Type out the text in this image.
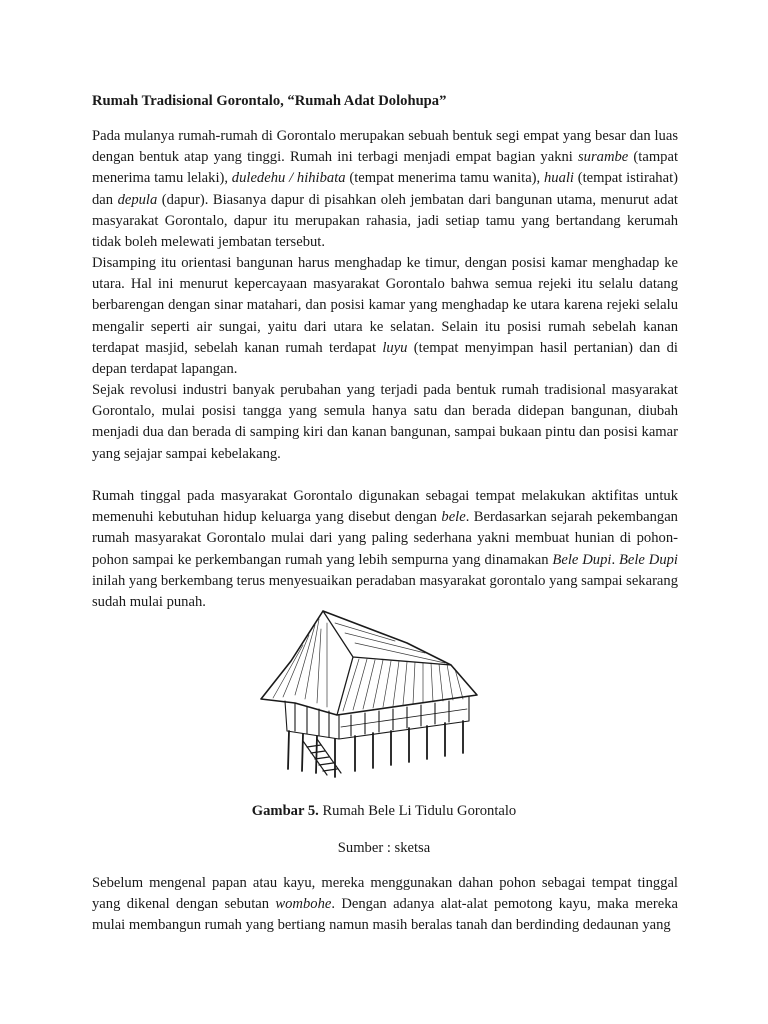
Rumah Tradisional Gorontalo, “Rumah Adat Dolohupa”

Pada mulanya rumah-rumah di Gorontalo merupakan sebuah bentuk segi empat yang besar dan luas dengan bentuk atap yang tinggi. Rumah ini terbagi menjadi empat bagian yakni surambe (tampat menerima tamu lelaki), duledehu / hihibata (tempat menerima tamu wanita), huali (tempat istirahat) dan depula (dapur). Biasanya dapur di pisahkan oleh jembatan dari bangunan utama, menurut adat masyarakat Gorontalo, dapur itu merupakan rahasia, jadi setiap tamu yang bertandang kerumah tidak boleh melewati jembatan tersebut.

Disamping itu orientasi bangunan harus menghadap ke timur, dengan posisi kamar menghadap ke utara. Hal ini menurut kepercayaan masyarakat Gorontalo bahwa semua rejeki itu selalu datang berbarengan dengan sinar matahari, dan posisi kamar yang menghadap ke utara karena rejeki selalu mengalir seperti air sungai, yaitu dari utara ke selatan. Selain itu posisi rumah sebelah kanan terdapat masjid, sebelah kanan rumah terdapat luyu (tempat menyimpan hasil pertanian) dan di depan terdapat lapangan.

Sejak revolusi industri banyak perubahan yang terjadi pada bentuk rumah tradisional masyarakat Gorontalo, mulai posisi tangga yang semula hanya satu dan berada didepan bangunan, diubah menjadi dua dan berada di samping kiri dan kanan bangunan, sampai bukaan pintu dan posisi kamar yang sejajar sampai kebelakang.

Rumah tinggal pada masyarakat Gorontalo digunakan sebagai tempat melakukan aktifitas untuk memenuhi kebutuhan hidup keluarga yang disebut dengan bele. Berdasarkan sejarah pekembangan rumah masyarakat Gorontalo mulai dari yang paling sederhana yakni membuat hunian di pohon-pohon sampai ke perkembangan rumah yang lebih sempurna yang dinamakan Bele Dupi. Bele Dupi inilah yang berkembang terus menyesuaikan peradaban masyarakat gorontalo yang sampai sekarang sudah mulai punah.

Gambar 5. Rumah Bele Li Tidulu Gorontalo

Sumber : sketsa

Sebelum mengenal papan atau kayu, mereka menggunakan dahan pohon sebagai tempat tinggal yang dikenal dengan sebutan wombohe. Dengan adanya alat-alat pemotong kayu, maka mereka mulai membangun rumah yang bertiang namun masih beralas tanah dan berdinding dedaunan yang
